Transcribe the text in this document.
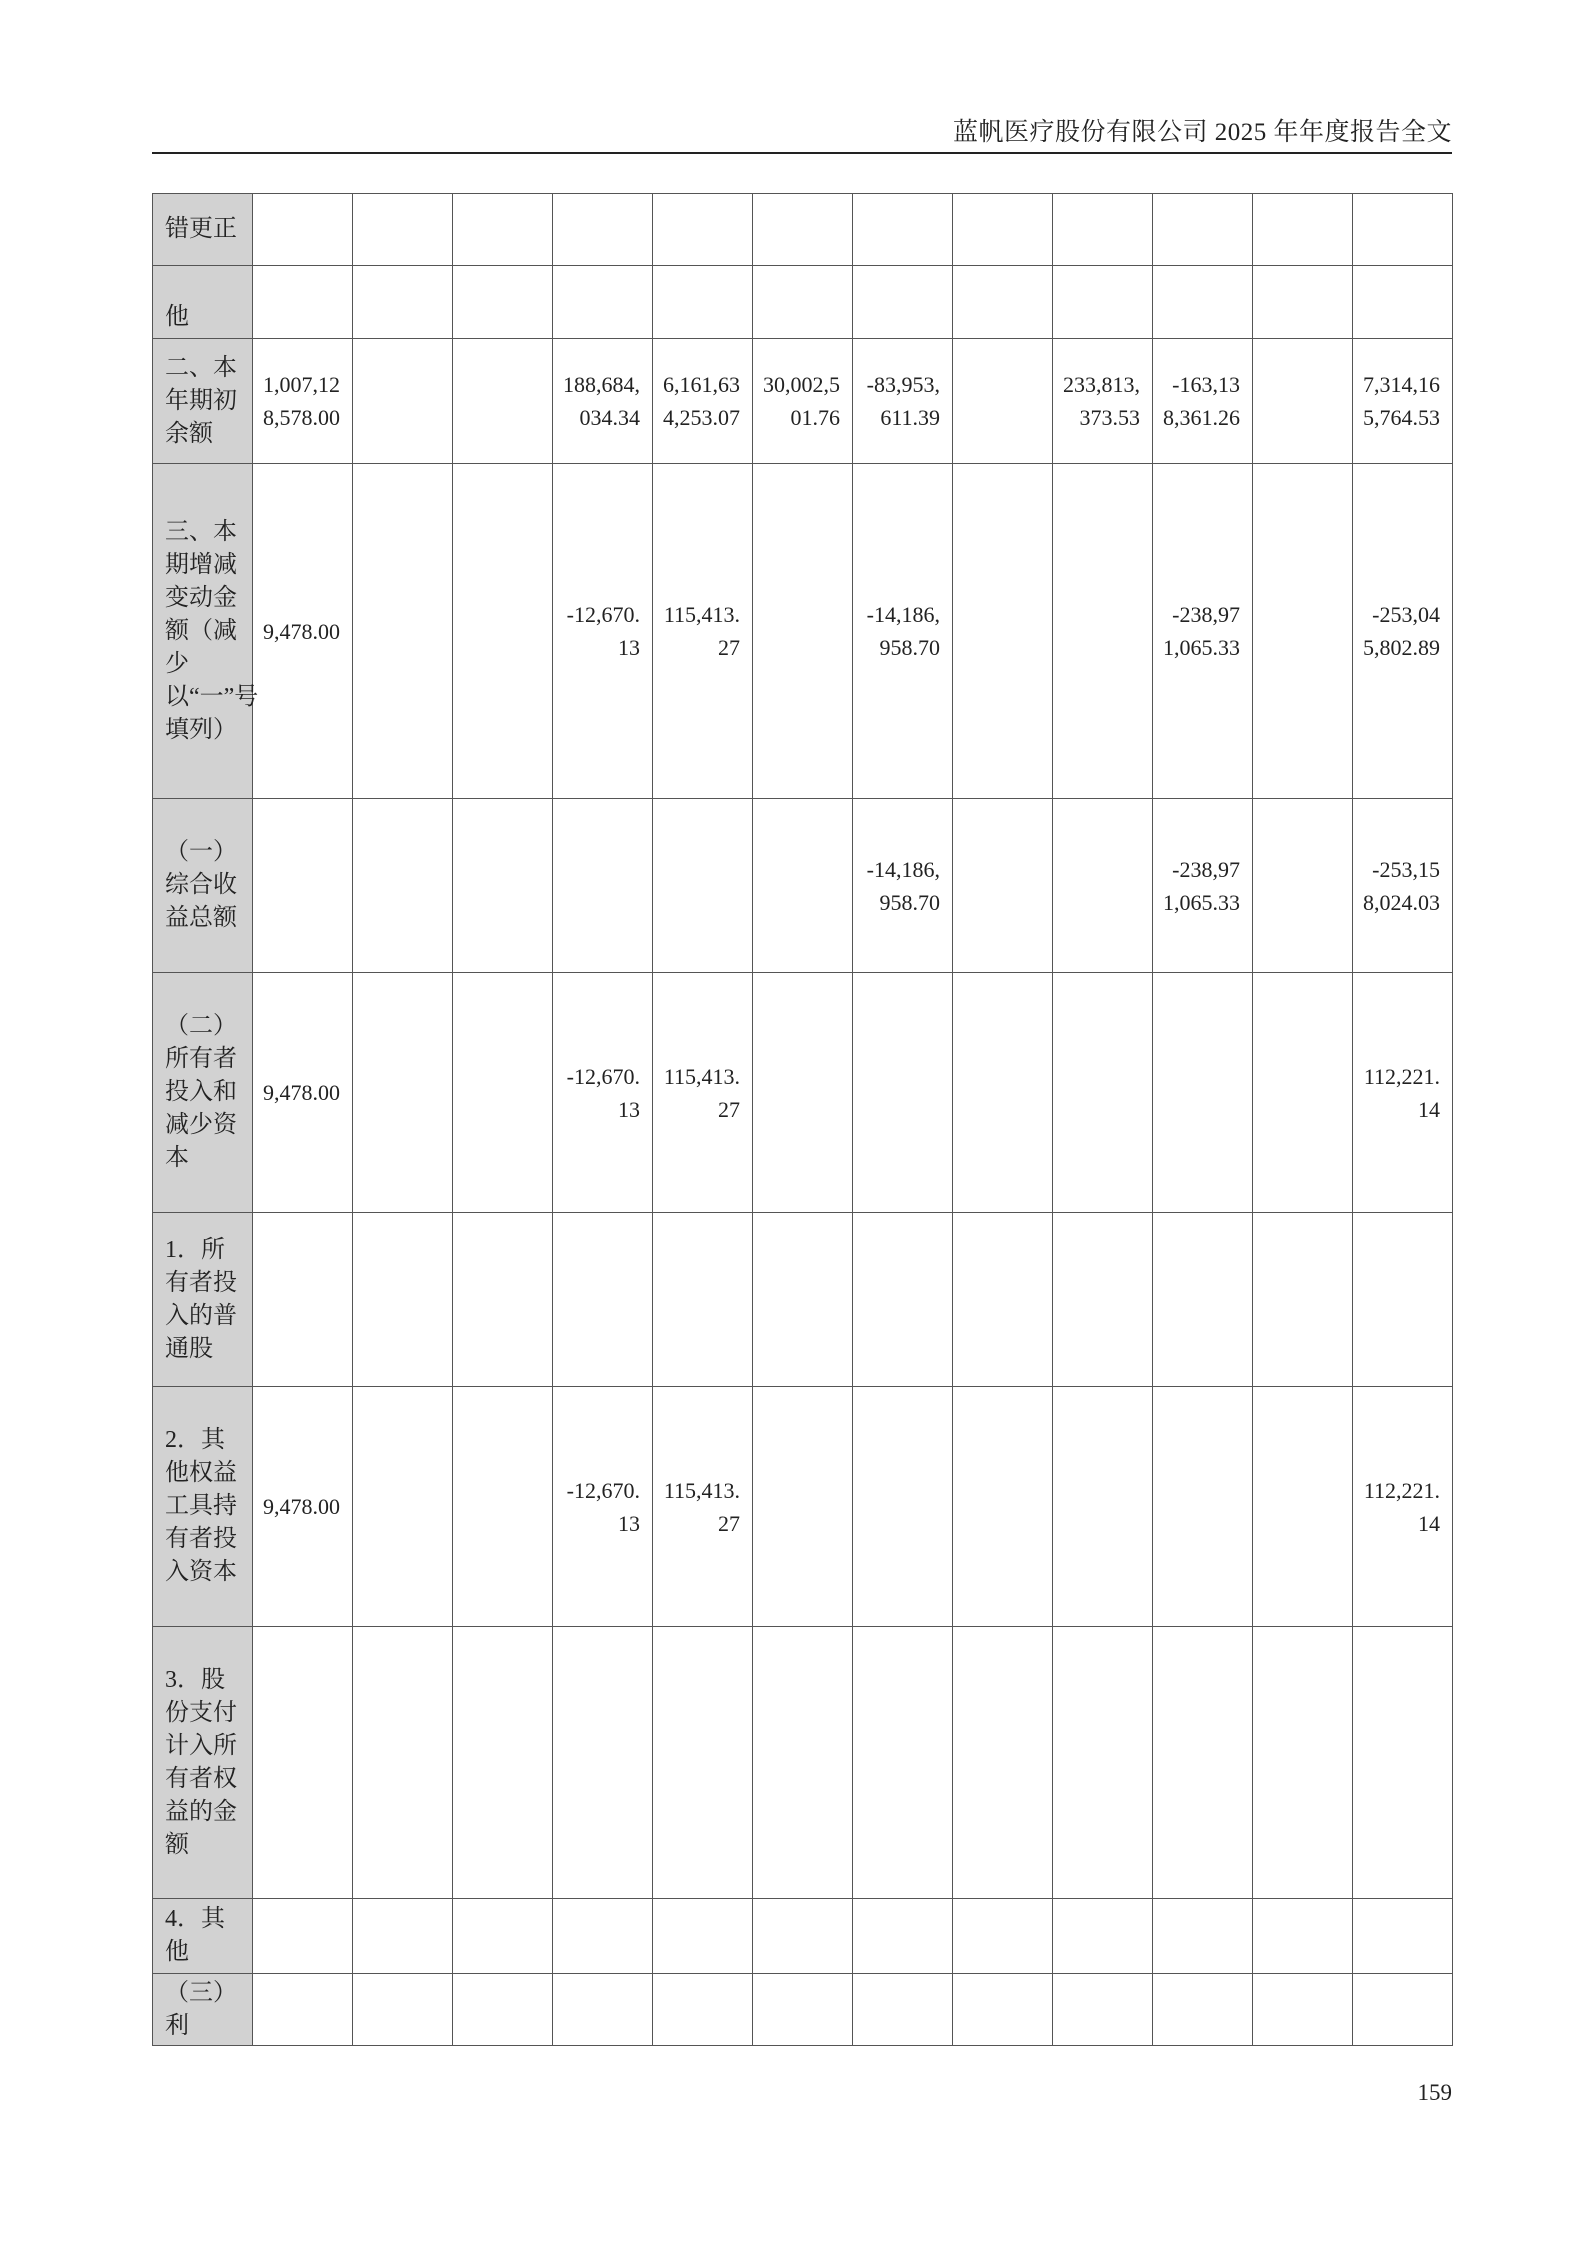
蓝帆医疗股份有限公司 2025 年年度报告全文
错更正												
他												
二、本年期初余额	1,007,128,578.00			188,684,034.34	6,161,634,253.07	30,002,501.76	-83,953,611.39		233,813,373.53	-163,138,361.26		7,314,165,764.53
三、本期增减变动金额（减少以“一”号填列）	9,478.00			-12,670.13	115,413.27		-14,186,958.70			-238,971,065.33		-253,045,802.89
（一）综合收益总额							-14,186,958.70			-238,971,065.33		-253,158,024.03
（二）所有者投入和减少资本	9,478.00			-12,670.13	115,413.27							112,221.14
1．所有者投入的普通股												
2．其他权益工具持有者投入资本	9,478.00			-12,670.13	115,413.27							112,221.14
3．股份支付计入所有者权益的金额												
4．其他												
（三）利												
159
